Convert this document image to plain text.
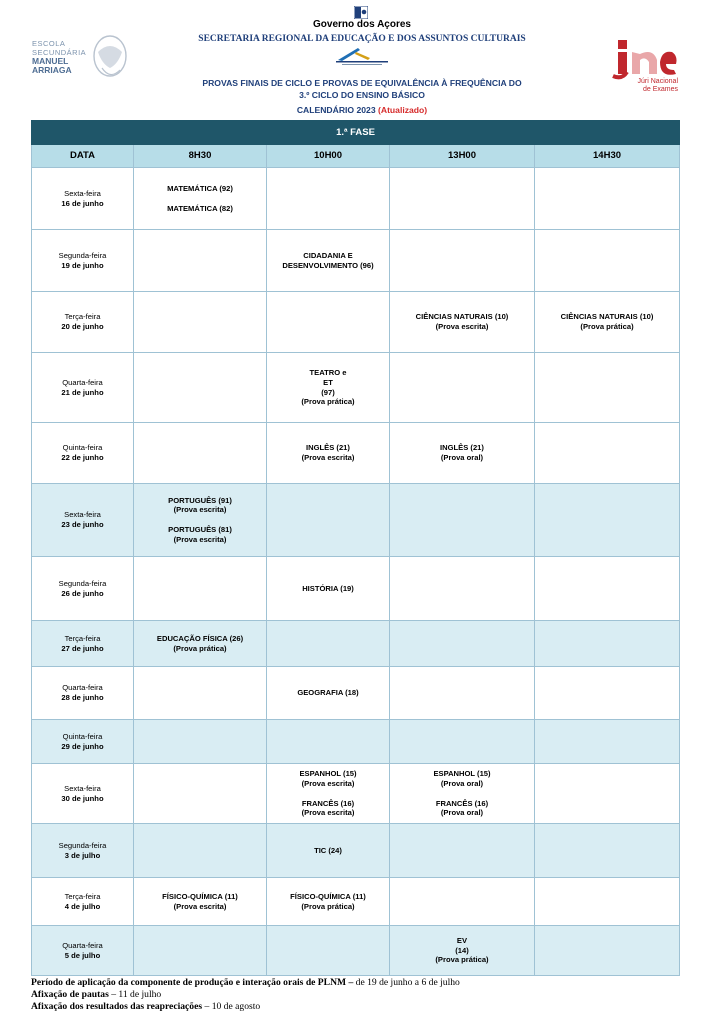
Governo dos Açores
SECRETARIA REGIONAL DA EDUCAÇÃO E DOS ASSUNTOS CULTURAIS
ESCOLA
SECUNDÁRIA
MANUEL
ARRIAGA
Júri Nacional
de Exames
PROVAS FINAIS DE CICLO E PROVAS DE EQUIVALÊNCIA À FREQUÊNCIA DO
3.º CICLO DO ENSINO BÁSICO
CALENDÁRIO 2023 (Atualizado)
1.ª FASE				
DATA	8H30	10H00	13H00	14H30
Sexta-feira
16 de junho	MATEMÁTICA (92)
MATEMÁTICA (82)			

Segunda-feira
19 de junho		CIDADANIA E DESENVOLVIMENTO (96)		

Terça-feira
20 de junho			CIÊNCIAS NATURAIS (10)
(Prova escrita)	CIÊNCIAS NATURAIS (10)
(Prova prática)

Quarta-feira
21 de junho		TEATRO e
ET
(97)
(Prova prática)		

Quinta-feira
22 de junho		INGLÊS (21)
(Prova escrita)	INGLÊS (21)
(Prova oral)	

Sexta-feira
23 de junho	PORTUGUÊS (91)
(Prova escrita)
PORTUGUÊS (81)
(Prova escrita)			

Segunda-feira
26 de junho		HISTÓRIA (19)		

Terça-feira
27 de junho	EDUCAÇÃO FÍSICA (26)
(Prova prática)			

Quarta-feira
28 de junho		GEOGRAFIA (18)		

Quinta-feira
29 de junho				
Sexta-feira
30 de junho		ESPANHOL (15)
(Prova escrita)
FRANCÊS (16)
(Prova escrita)	ESPANHOL (15)
(Prova oral)
FRANCÊS (16)
(Prova oral)	

Segunda-feira
3 de julho		TIC (24)		

Terça-feira
4 de julho	FÍSICO-QUÍMICA (11)
(Prova escrita)	FÍSICO-QUÍMICA (11)
(Prova prática)		

Quarta-feira
5 de julho			EV
(14)
(Prova prática)	

Período de aplicação da componente de produção e interação orais de PLNM – de 19 de junho a 6 de julho
Afixação de pautas – 11 de julho
Afixação dos resultados das reapreciações – 10 de agosto
